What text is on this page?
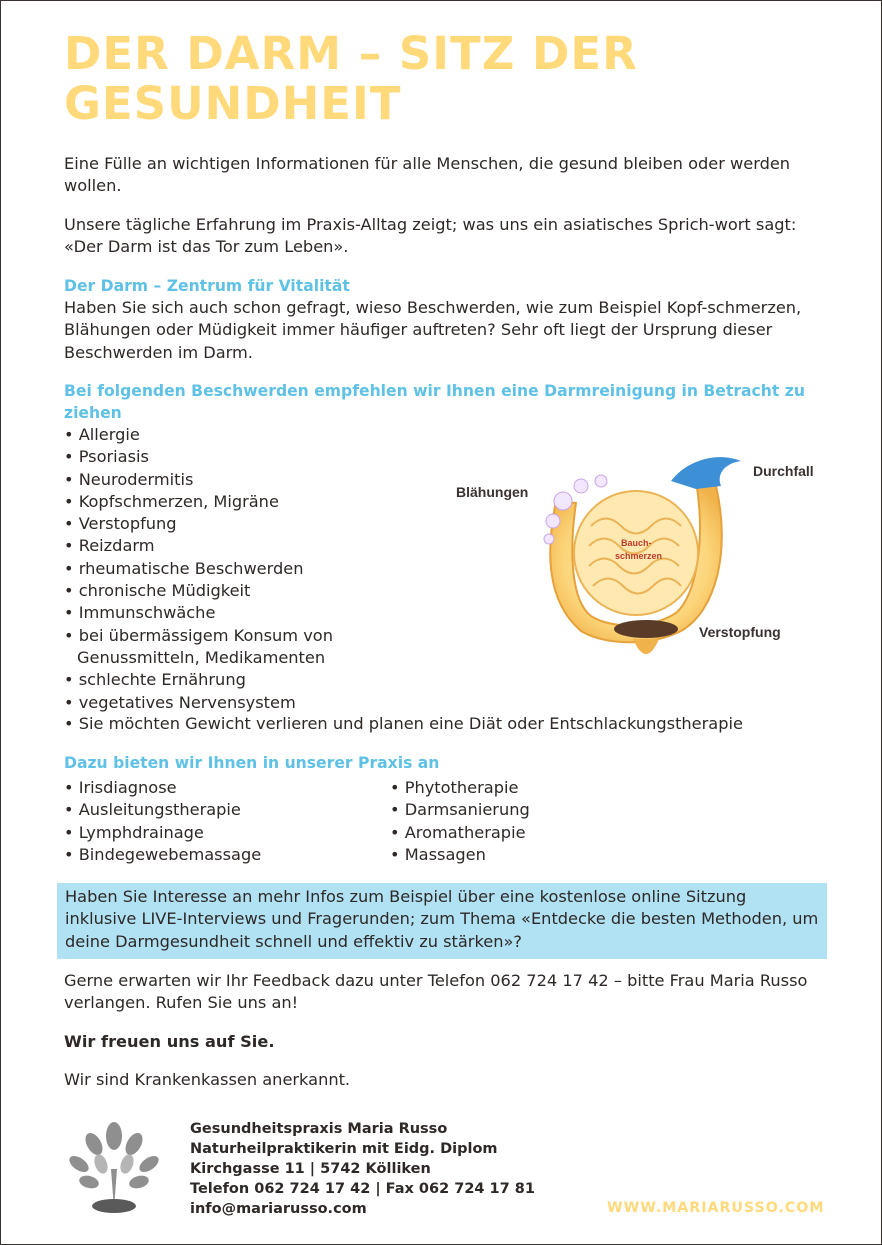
DER DARM – SITZ DER
GESUNDHEIT

Eine Fülle an wichtigen Informationen für alle Menschen, die gesund bleiben oder werden wollen.

Unsere tägliche Erfahrung im Praxis-Alltag zeigt; was uns ein asiatisches Sprich-wort sagt: «Der Darm ist das Tor zum Leben».

Der Darm – Zentrum für Vitalität

Haben Sie sich auch schon gefragt, wieso Beschwerden, wie zum Beispiel Kopf-schmerzen, Blähungen oder Müdigkeit immer häufiger auftreten? Sehr oft liegt der Ursprung dieser Beschwerden im Darm.

Bei folgenden Beschwerden empfehlen wir Ihnen eine Darmreinigung in Betracht zu ziehen
• Allergie
• Psoriasis
• Neurodermitis
• Kopfschmerzen, Migräne
• Verstopfung
• Reizdarm
• rheumatische Beschwerden
• chronische Müdigkeit
• Immunschwäche
• bei übermässigem Konsum von Genussmitteln, Medikamenten
• schlechte Ernährung
• vegetatives Nervensystem
• Sie möchten Gewicht verlieren und planen eine Diät oder Entschlackungstherapie
Blähungen
Durchfall
Bauch-
schmerzen
Verstopfung
Dazu bieten wir Ihnen in unserer Praxis an
• Irisdiagnose
• Ausleitungstherapie
• Lymphdrainage
• Bindegewebemassage
• Phytotherapie
• Darmsanierung
• Aromatherapie
• Massagen
Haben Sie Interesse an mehr Infos zum Beispiel über eine kostenlose online Sitzung inklusive LIVE-Interviews und Fragerunden; zum Thema «Entdecke die besten Methoden, um deine Darmgesundheit schnell und effektiv zu stärken»?

Gerne erwarten wir Ihr Feedback dazu unter Telefon 062 724 17 42 – bitte Frau Maria Russo verlangen. Rufen Sie uns an!

Wir freuen uns auf Sie.

Wir sind Krankenkassen anerkannt.

Gesundheitspraxis Maria Russo
Naturheilpraktikerin mit Eidg. Diplom
Kirchgasse 11 | 5742 Kölliken
Telefon 062 724 17 42 | Fax 062 724 17 81
info@mariarusso.com	WWW.MARIARUSSO.COM
